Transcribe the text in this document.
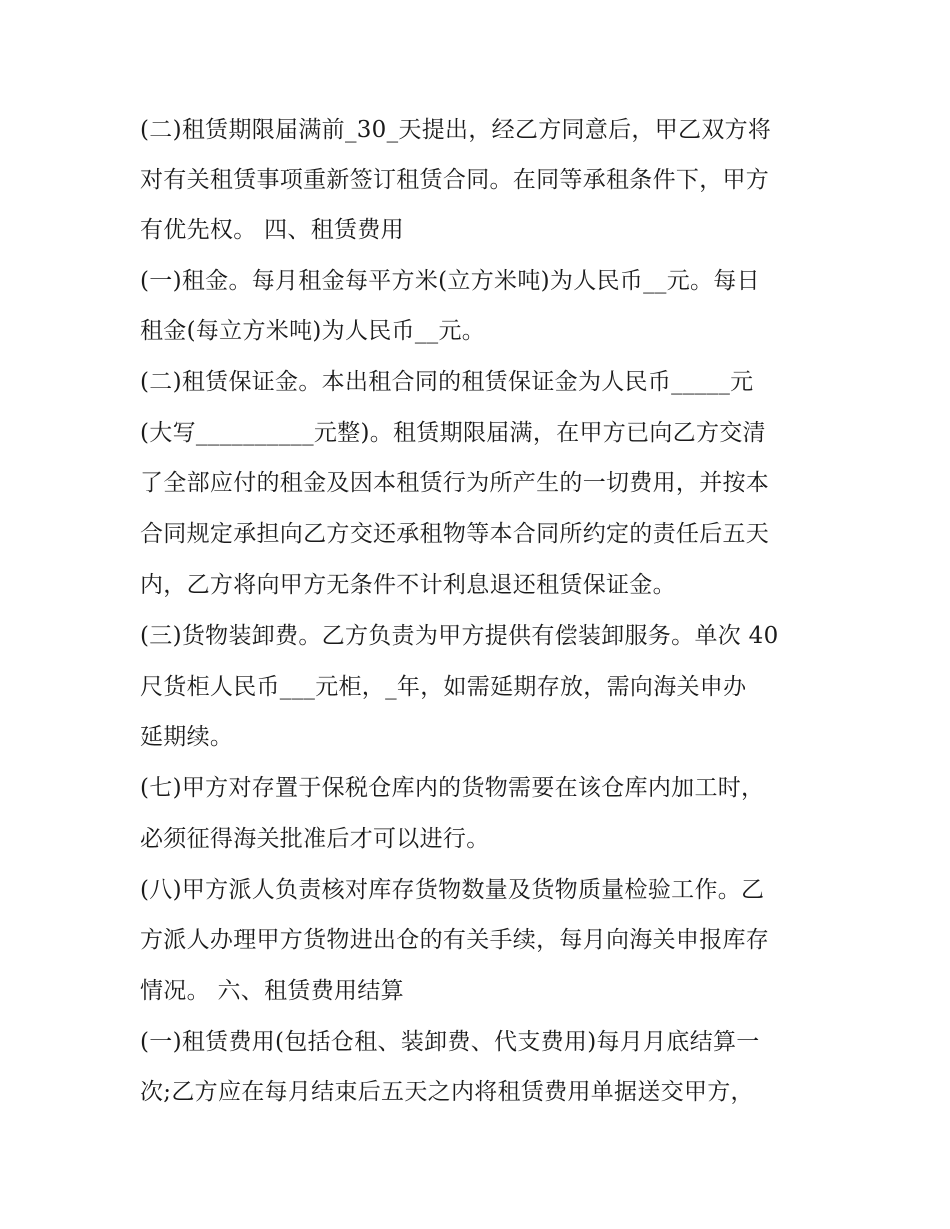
(二)租赁期限届满前_30_天提出，经乙方同意后，甲乙双方将
对有关租赁事项重新签订租赁合同。在同等承租条件下，甲方
有优先权。 四、租赁费用
(一)租金。每月租金每平方米(立方米吨)为人民币__元。每日
租金(每立方米吨)为人民币__元。
(二)租赁保证金。本出租合同的租赁保证金为人民币_____元
(大写__________元整)。租赁期限届满，在甲方已向乙方交清
了全部应付的租金及因本租赁行为所产生的一切费用，并按本
合同规定承担向乙方交还承租物等本合同所约定的责任后五天
内，乙方将向甲方无条件不计利息退还租赁保证金。
(三)货物装卸费。乙方负责为甲方提供有偿装卸服务。单次 40
尺货柜人民币___元柜，_年，如需延期存放，需向海关申办
延期续。
(七)甲方对存置于保税仓库内的货物需要在该仓库内加工时，
必须征得海关批准后才可以进行。
(八)甲方派人负责核对库存货物数量及货物质量检验工作。乙
方派人办理甲方货物进出仓的有关手续，每月向海关申报库存
情况。 六、租赁费用结算
(一)租赁费用(包括仓租、装卸费、代支费用)每月月底结算一
次;乙方应在每月结束后五天之内将租赁费用单据送交甲方，
